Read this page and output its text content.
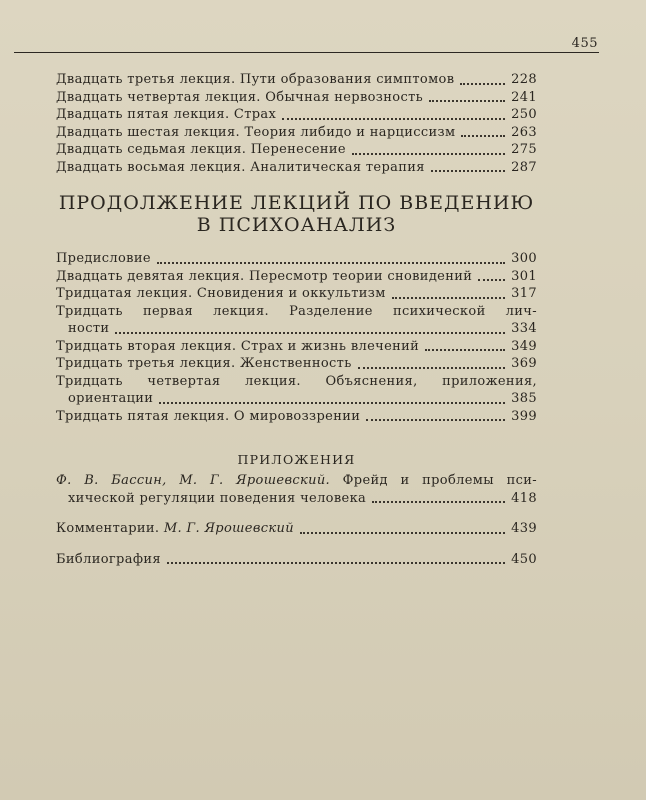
455
Двадцать третья лекция. Пути образования симптомов	228
Двадцать четвертая лекция. Обычная нервозность	241
Двадцать пятая лекция. Страх	250
Двадцать шестая лекция. Теория либидо и нарциссизм	263
Двадцать седьмая лекция. Перенесение	275
Двадцать восьмая лекция. Аналитическая терапия	287
ПРОДОЛЖЕНИЕ ЛЕКЦИЙ ПО ВВЕДЕНИЮ
В ПСИХОАНАЛИЗ
Предисловие	300
Двадцать девятая лекция. Пересмотр теории сновидений	301
Тридцатая лекция. Сновидения и оккультизм	317
Тридцать первая лекция. Разделение психической лич-
ности	334
Тридцать вторая лекция. Страх и жизнь влечений	349
Тридцать третья лекция. Женственность	369
Тридцать четвертая лекция. Объяснения, приложения,
ориентации	385
Тридцать пятая лекция. О мировоззрении	399
ПРИЛОЖЕНИЯ
Ф. В. Бассин, М. Г. Ярошевский. Фрейд и проблемы пси-
хической регуляции поведения человека	418
Комментарии. М. Г. Ярошевский	439
Библиография	450
